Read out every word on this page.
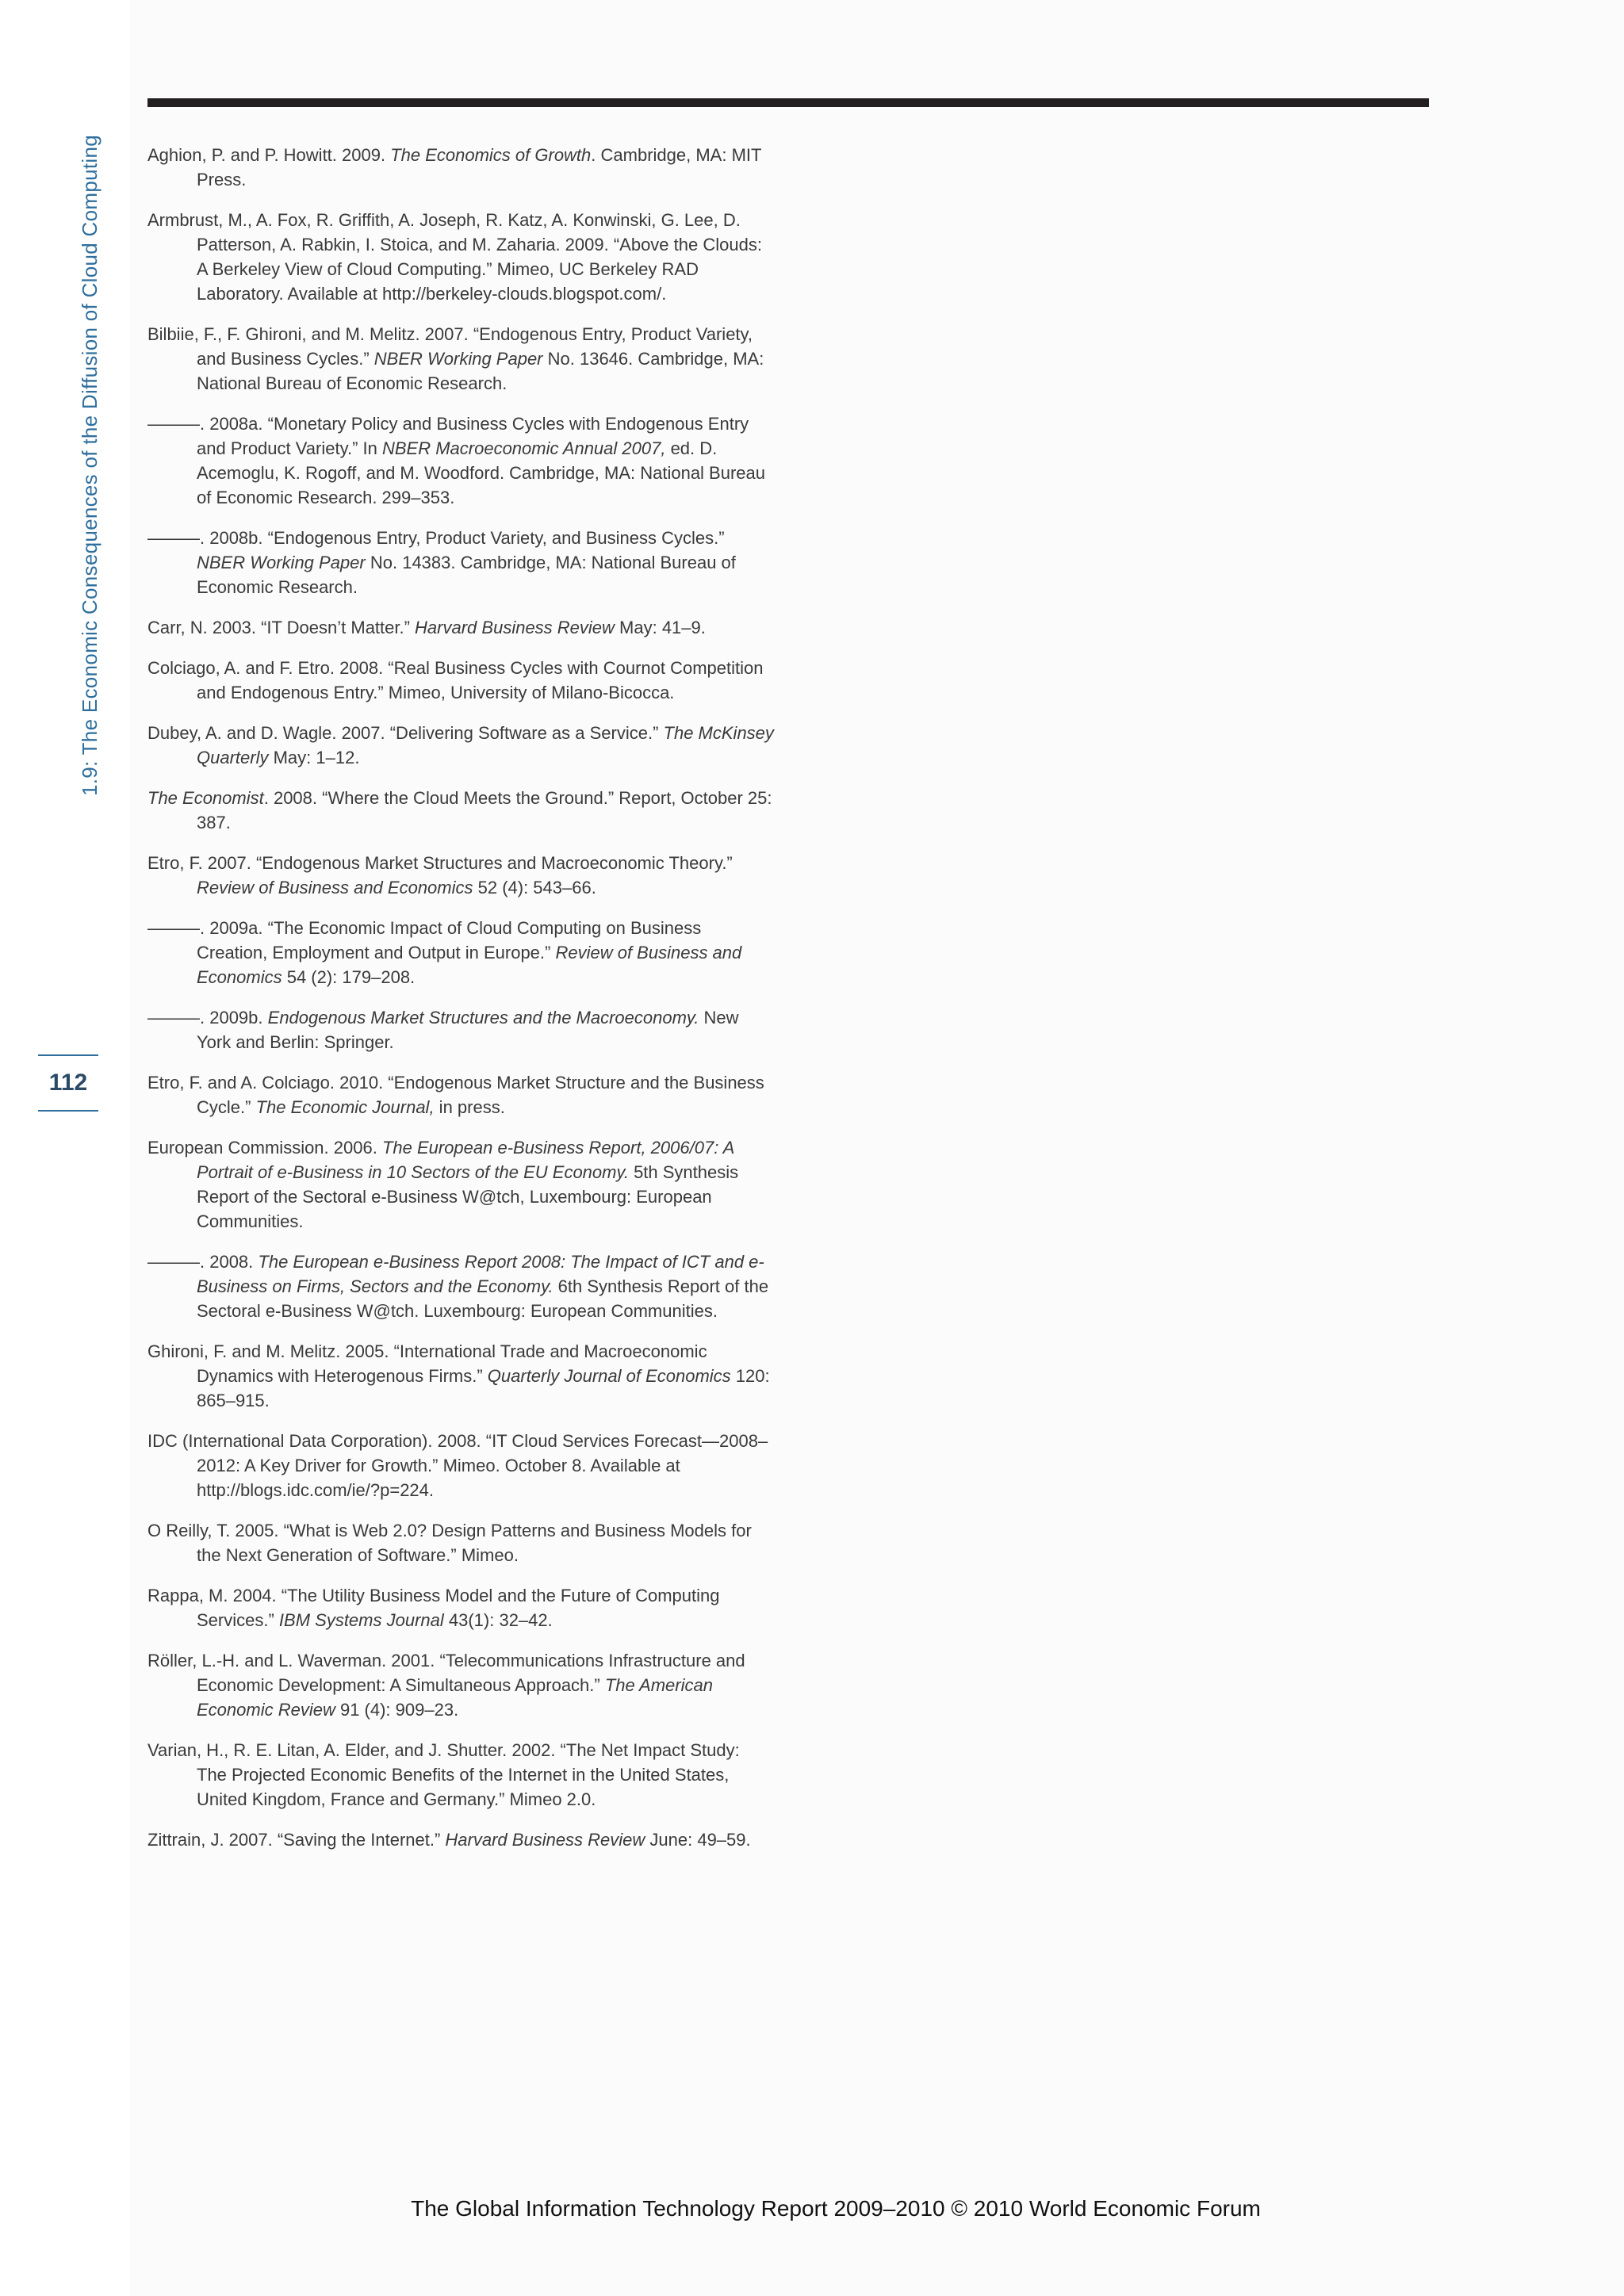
1.9: The Economic Consequences of the Diffusion of Cloud Computing
112
Aghion, P. and P. Howitt. 2009. The Economics of Growth. Cambridge, MA: MIT Press.
Armbrust, M., A. Fox, R. Griffith, A. Joseph, R. Katz, A. Konwinski, G. Lee, D. Patterson, A. Rabkin, I. Stoica, and M. Zaharia. 2009. “Above the Clouds: A Berkeley View of Cloud Computing.” Mimeo, UC Berkeley RAD Laboratory. Available at http://berkeley-clouds.blogspot.com/.
Bilbiie, F., F. Ghironi, and M. Melitz. 2007. “Endogenous Entry, Product Variety, and Business Cycles.” NBER Working Paper No. 13646. Cambridge, MA: National Bureau of Economic Research.
———. 2008a. “Monetary Policy and Business Cycles with Endogenous Entry and Product Variety.” In NBER Macroeconomic Annual 2007, ed. D. Acemoglu, K. Rogoff, and M. Woodford. Cambridge, MA: National Bureau of Economic Research. 299–353.
———. 2008b. “Endogenous Entry, Product Variety, and Business Cycles.” NBER Working Paper No. 14383. Cambridge, MA: National Bureau of Economic Research.
Carr, N. 2003. “IT Doesn’t Matter.” Harvard Business Review May: 41–9.
Colciago, A. and F. Etro. 2008. “Real Business Cycles with Cournot Competition and Endogenous Entry.” Mimeo, University of Milano-Bicocca.
Dubey, A. and D. Wagle. 2007. “Delivering Software as a Service.” The McKinsey Quarterly May: 1–12.
The Economist. 2008. “Where the Cloud Meets the Ground.” Report, October 25: 387.
Etro, F. 2007. “Endogenous Market Structures and Macroeconomic Theory.” Review of Business and Economics 52 (4): 543–66.
———. 2009a. “The Economic Impact of Cloud Computing on Business Creation, Employment and Output in Europe.” Review of Business and Economics 54 (2): 179–208.
———. 2009b. Endogenous Market Structures and the Macroeconomy. New York and Berlin: Springer.
Etro, F. and A. Colciago. 2010. “Endogenous Market Structure and the Business Cycle.” The Economic Journal, in press.
European Commission. 2006. The European e-Business Report, 2006/07: A Portrait of e-Business in 10 Sectors of the EU Economy. 5th Synthesis Report of the Sectoral e-Business W@tch, Luxembourg: European Communities.
———. 2008. The European e-Business Report 2008: The Impact of ICT and e-Business on Firms, Sectors and the Economy. 6th Synthesis Report of the Sectoral e-Business W@tch. Luxembourg: European Communities.
Ghironi, F. and M. Melitz. 2005. “International Trade and Macroeconomic Dynamics with Heterogenous Firms.” Quarterly Journal of Economics 120: 865–915.
IDC (International Data Corporation). 2008. “IT Cloud Services Forecast—2008–2012: A Key Driver for Growth.” Mimeo. October 8. Available at http://blogs.idc.com/ie/?p=224.
O Reilly, T. 2005. “What is Web 2.0? Design Patterns and Business Models for the Next Generation of Software.” Mimeo.
Rappa, M. 2004. “The Utility Business Model and the Future of Computing Services.” IBM Systems Journal 43(1): 32–42.
Röller, L.-H. and L. Waverman. 2001. “Telecommunications Infrastructure and Economic Development: A Simultaneous Approach.” The American Economic Review 91 (4): 909–23.
Varian, H., R. E. Litan, A. Elder, and J. Shutter. 2002. “The Net Impact Study: The Projected Economic Benefits of the Internet in the United States, United Kingdom, France and Germany.” Mimeo 2.0.
Zittrain, J. 2007. “Saving the Internet.” Harvard Business Review June: 49–59.
The Global Information Technology Report 2009–2010 © 2010 World Economic Forum
